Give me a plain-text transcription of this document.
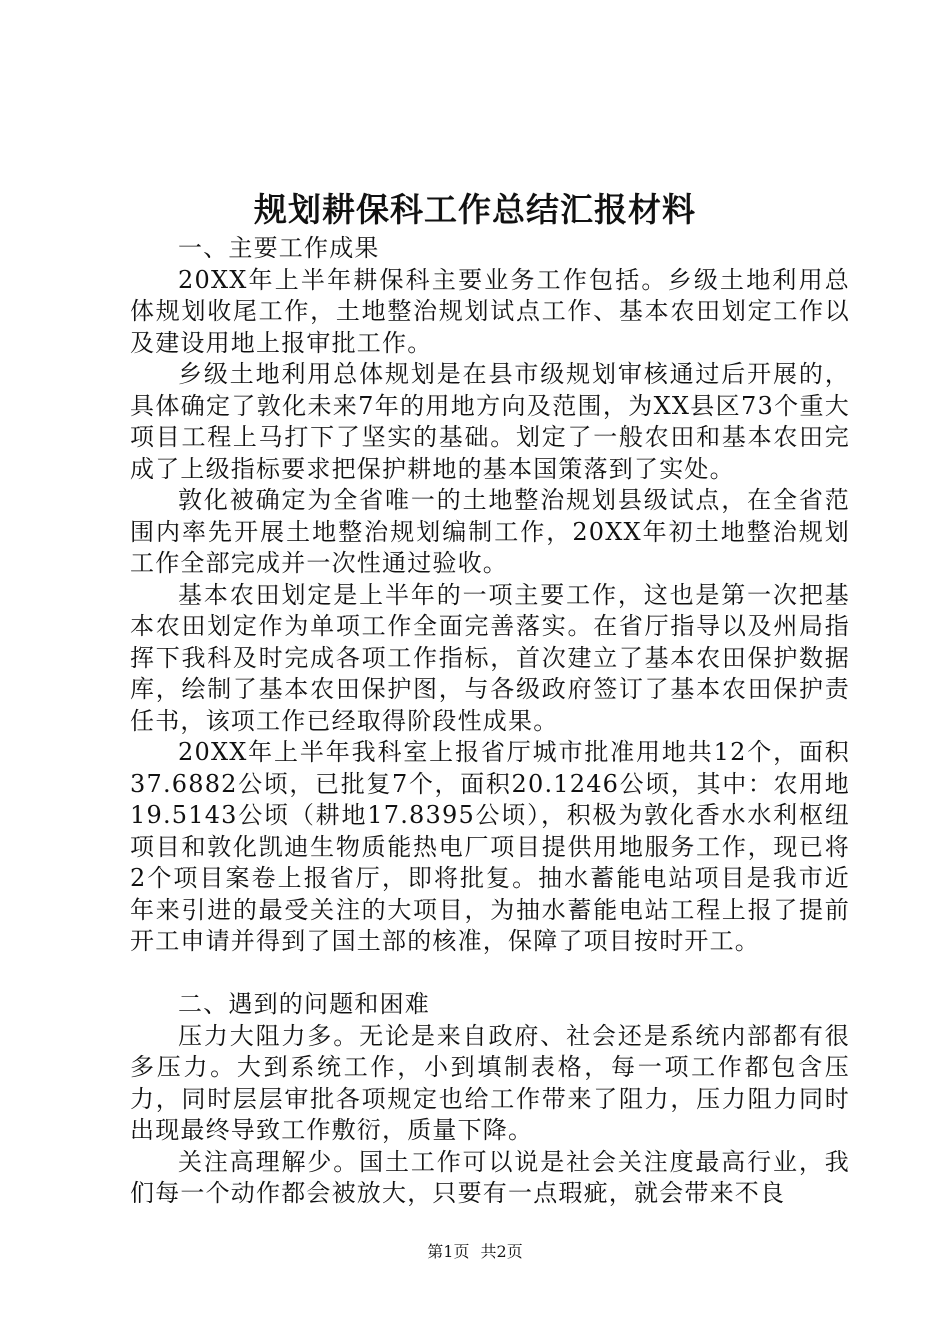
规划耕保科工作总结汇报材料

一、主要工作成果

20XX年上半年耕保科主要业务工作包括。乡级土地利用总体规划收尾工作，土地整治规划试点工作、基本农田划定工作以及建设用地上报审批工作。

乡级土地利用总体规划是在县市级规划审核通过后开展的，具体确定了敦化未来7年的用地方向及范围，为XX县区73个重大项目工程上马打下了坚实的基础。划定了一般农田和基本农田完成了上级指标要求把保护耕地的基本国策落到了实处。

敦化被确定为全省唯一的土地整治规划县级试点，在全省范围内率先开展土地整治规划编制工作，20XX年初土地整治规划工作全部完成并一次性通过验收。

基本农田划定是上半年的一项主要工作，这也是第一次把基本农田划定作为单项工作全面完善落实。在省厅指导以及州局指挥下我科及时完成各项工作指标，首次建立了基本农田保护数据库，绘制了基本农田保护图，与各级政府签订了基本农田保护责任书，该项工作已经取得阶段性成果。

20XX年上半年我科室上报省厅城市批准用地共12个，面积37.6882公顷，已批复7个，面积20.1246公顷，其中：农用地19.5143公顷（耕地17.8395公顷），积极为敦化香水水利枢纽项目和敦化凯迪生物质能热电厂项目提供用地服务工作，现已将2个项目案卷上报省厅，即将批复。抽水蓄能电站项目是我市近年来引进的最受关注的大项目，为抽水蓄能电站工程上报了提前开工申请并得到了国土部的核准，保障了项目按时开工。

二、遇到的问题和困难

压力大阻力多。无论是来自政府、社会还是系统内部都有很多压力。大到系统工作，小到填制表格，每一项工作都包含压力，同时层层审批各项规定也给工作带来了阻力，压力阻力同时出现最终导致工作敷衍，质量下降。

关注高理解少。国土工作可以说是社会关注度最高行业，我们每一个动作都会被放大，只要有一点瑕疵，就会带来不良

第1页 共2页
